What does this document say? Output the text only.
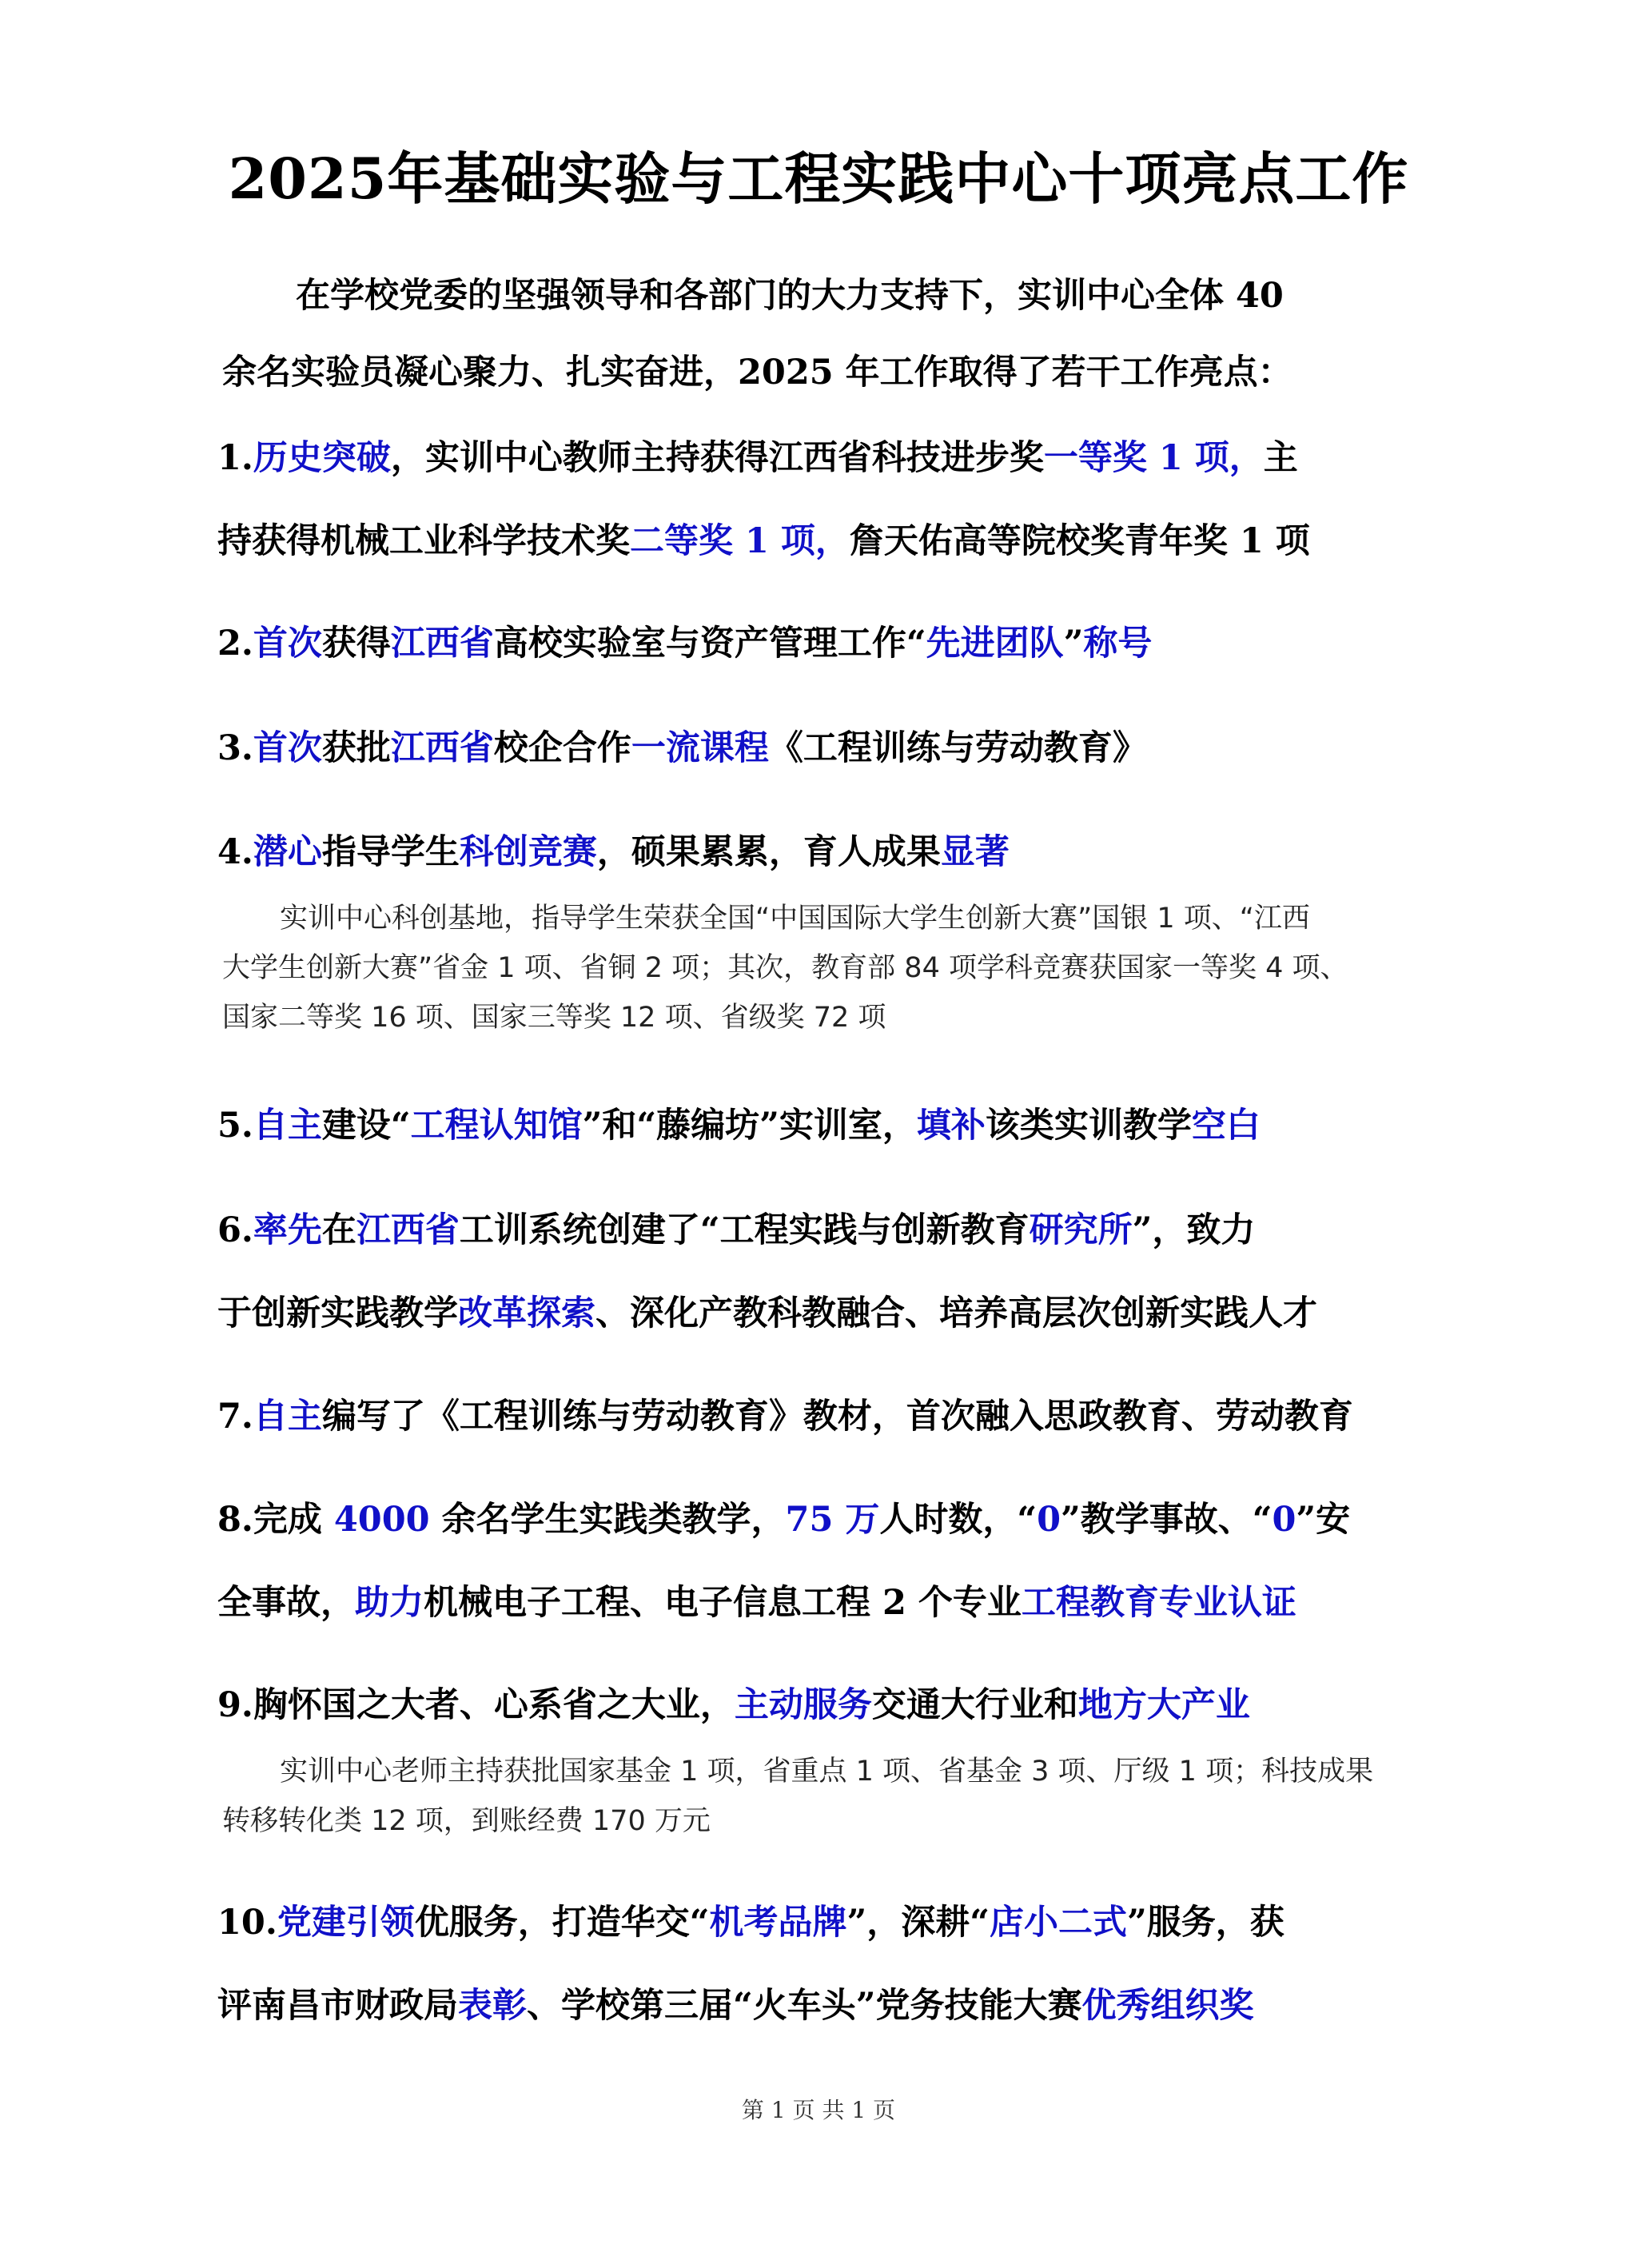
2025年基础实验与工程实践中心十项亮点工作
在学校党委的坚强领导和各部门的大力支持下，实训中心全体 40
余名实验员凝心聚力、扎实奋进，2025 年工作取得了若干工作亮点：
1.历史突破，实训中心教师主持获得江西省科技进步奖一等奖 1 项，主
持获得机械工业科学技术奖二等奖 1 项，詹天佑高等院校奖青年奖 1 项
2.首次获得江西省高校实验室与资产管理工作“先进团队”称号
3.首次获批江西省校企合作一流课程《工程训练与劳动教育》
4.潜心指导学生科创竞赛，硕果累累，育人成果显著
实训中心科创基地，指导学生荣获全国“中国国际大学生创新大赛”国银 1 项、“江西
大学生创新大赛”省金 1 项、省铜 2 项；其次，教育部 84 项学科竞赛获国家一等奖 4 项、
国家二等奖 16 项、国家三等奖 12 项、省级奖 72 项
5.自主建设“工程认知馆”和“藤编坊”实训室，填补该类实训教学空白
6.率先在江西省工训系统创建了“工程实践与创新教育研究所”，致力
于创新实践教学改革探索、深化产教科教融合、培养高层次创新实践人才
7.自主编写了《工程训练与劳动教育》教材，首次融入思政教育、劳动教育
8.完成 4000 余名学生实践类教学，75 万人时数，“0”教学事故、“0”安
全事故，助力机械电子工程、电子信息工程 2 个专业工程教育专业认证
9.胸怀国之大者、心系省之大业，主动服务交通大行业和地方大产业
实训中心老师主持获批国家基金 1 项，省重点 1 项、省基金 3 项、厅级 1 项；科技成果
转移转化类 12 项，到账经费 170 万元
10.党建引领优服务，打造华交“机考品牌”，深耕“店小二式”服务，获
评南昌市财政局表彰、学校第三届“火车头”党务技能大赛优秀组织奖
第 1 页 共 1 页
